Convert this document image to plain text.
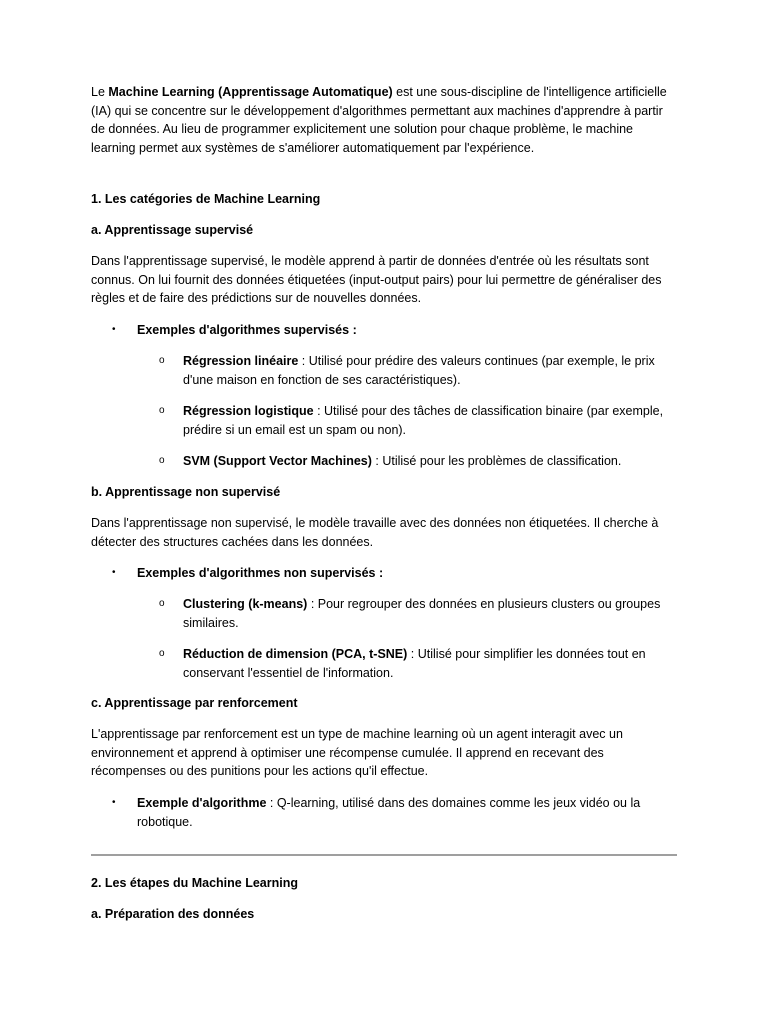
Le Machine Learning (Apprentissage Automatique) est une sous-discipline de l'intelligence artificielle (IA) qui se concentre sur le développement d'algorithmes permettant aux machines d'apprendre à partir de données. Au lieu de programmer explicitement une solution pour chaque problème, le machine learning permet aux systèmes de s'améliorer automatiquement par l'expérience.

1. Les catégories de Machine Learning

a. Apprentissage supervisé

Dans l'apprentissage supervisé, le modèle apprend à partir de données d'entrée où les résultats sont connus. On lui fournit des données étiquetées (input-output pairs) pour lui permettre de généraliser des règles et de faire des prédictions sur de nouvelles données.

• Exemples d'algorithmes supervisés :

o Régression linéaire : Utilisé pour prédire des valeurs continues (par exemple, le prix d'une maison en fonction de ses caractéristiques).

o Régression logistique : Utilisé pour des tâches de classification binaire (par exemple, prédire si un email est un spam ou non).

o SVM (Support Vector Machines) : Utilisé pour les problèmes de classification.

b. Apprentissage non supervisé

Dans l'apprentissage non supervisé, le modèle travaille avec des données non étiquetées. Il cherche à détecter des structures cachées dans les données.

• Exemples d'algorithmes non supervisés :

o Clustering (k-means) : Pour regrouper des données en plusieurs clusters ou groupes similaires.

o Réduction de dimension (PCA, t-SNE) : Utilisé pour simplifier les données tout en conservant l'essentiel de l'information.

c. Apprentissage par renforcement

L'apprentissage par renforcement est un type de machine learning où un agent interagit avec un environnement et apprend à optimiser une récompense cumulée. Il apprend en recevant des récompenses ou des punitions pour les actions qu'il effectue.

• Exemple d'algorithme : Q-learning, utilisé dans des domaines comme les jeux vidéo ou la robotique.

2. Les étapes du Machine Learning

a. Préparation des données
